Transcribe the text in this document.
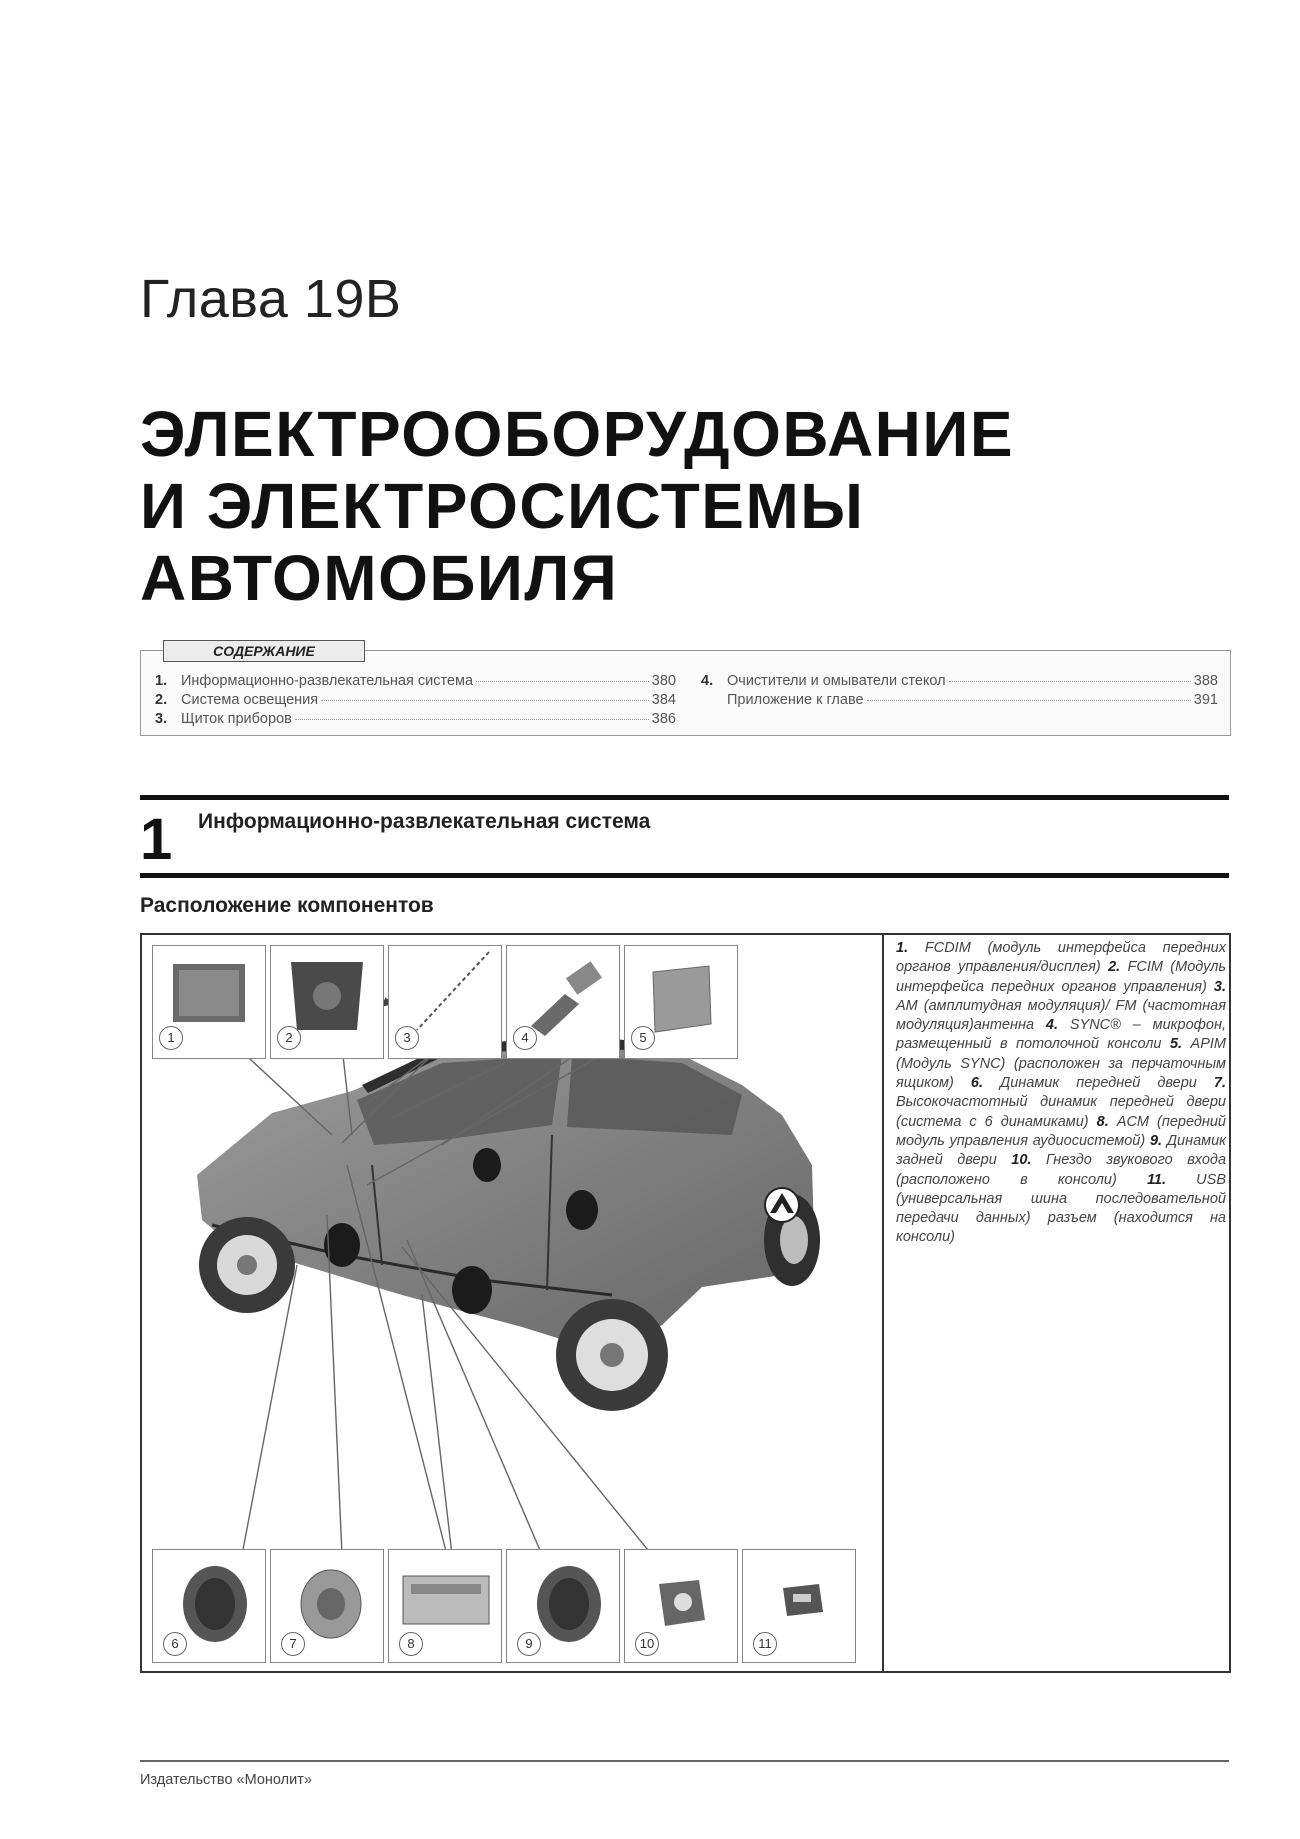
Глава 19B
ЭЛЕКТРООБОРУДОВАНИЕ
И ЭЛЕКТРОСИСТЕМЫ
АВТОМОБИЛЯ
СОДЕРЖАНИЕ
1. Информационно-развлекательная система	380
2. Система освещения	384
3. Щиток приборов	386
4. Очистители и омыватели стекол	388
Приложение к главе	391
1 Информационно-развлекательная система
Расположение компонентов
1	2	3	4	5
6	7	8	9	10	11
1. FCDIM (модуль интерфейса передних органов управления/дисплея) 2. FCIM (Модуль интерфейса передних органов управления) 3. AM (амплитудная модуляция)/ FM (частотная модуляция)антенна 4. SYNC® – микрофон, размещенный в потолочной консоли 5. APIM (Модуль SYNC) (расположен за перчаточным ящиком) 6. Динамик передней двери 7. Высокочастотный динамик передней двери (система с 6 динамиками) 8. ACM (передний модуль управления аудиосистемой) 9. Динамик задней двери 10. Гнездо звукового входа (расположено в консоли) 11. USB (универсальная шина последовательной передачи данных) разъем (находится на консоли)
Издательство «Монолит»
